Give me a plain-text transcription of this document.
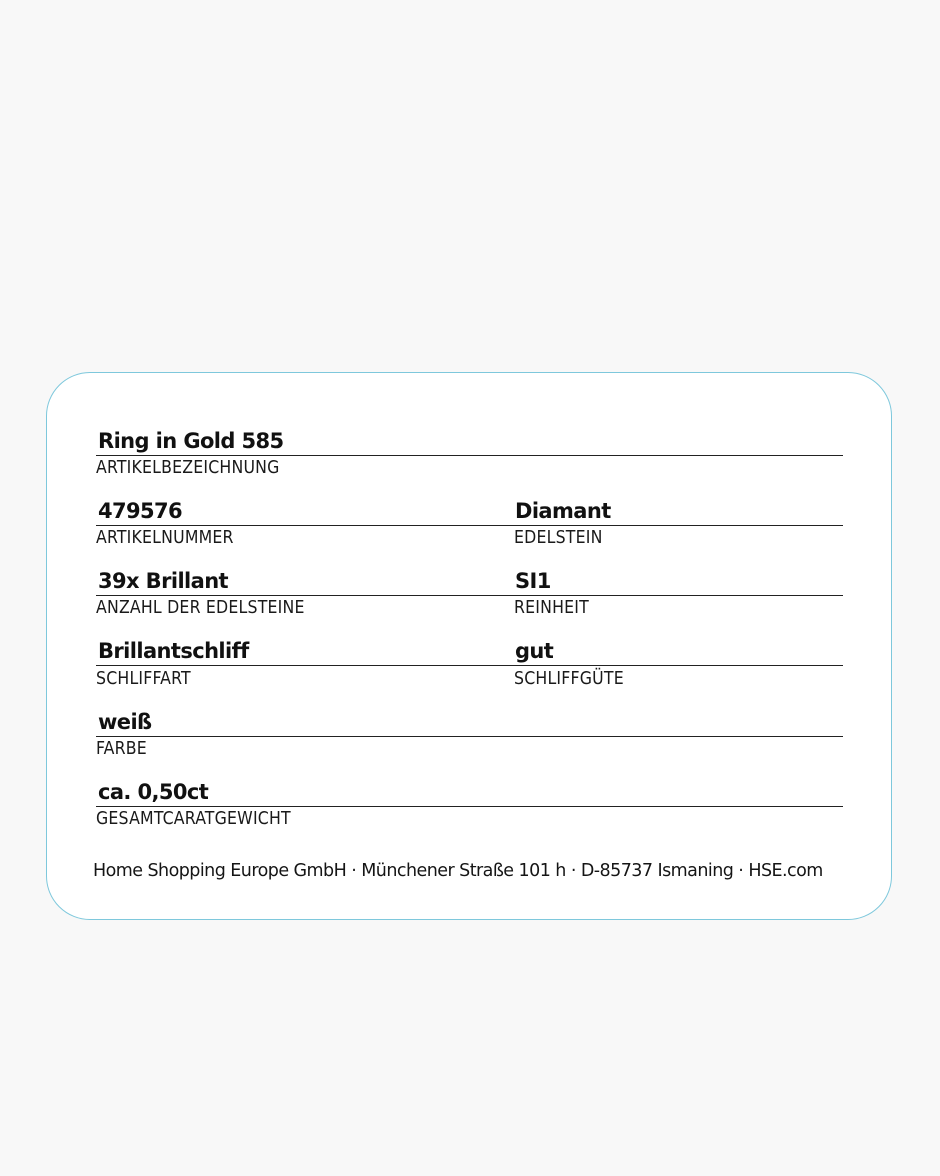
Ring in Gold 585
ARTIKELBEZEICHNUNG
479576
ARTIKELNUMMER
Diamant
EDELSTEIN
39x Brillant
ANZAHL DER EDELSTEINE
SI1
REINHEIT
Brillantschliff
SCHLIFFART
gut
SCHLIFFGÜTE
weiß
FARBE
ca. 0,50ct
GESAMTCARATGEWICHT
Home Shopping Europe GmbH · Münchener Straße 101 h · D-85737 Ismaning · HSE.com
